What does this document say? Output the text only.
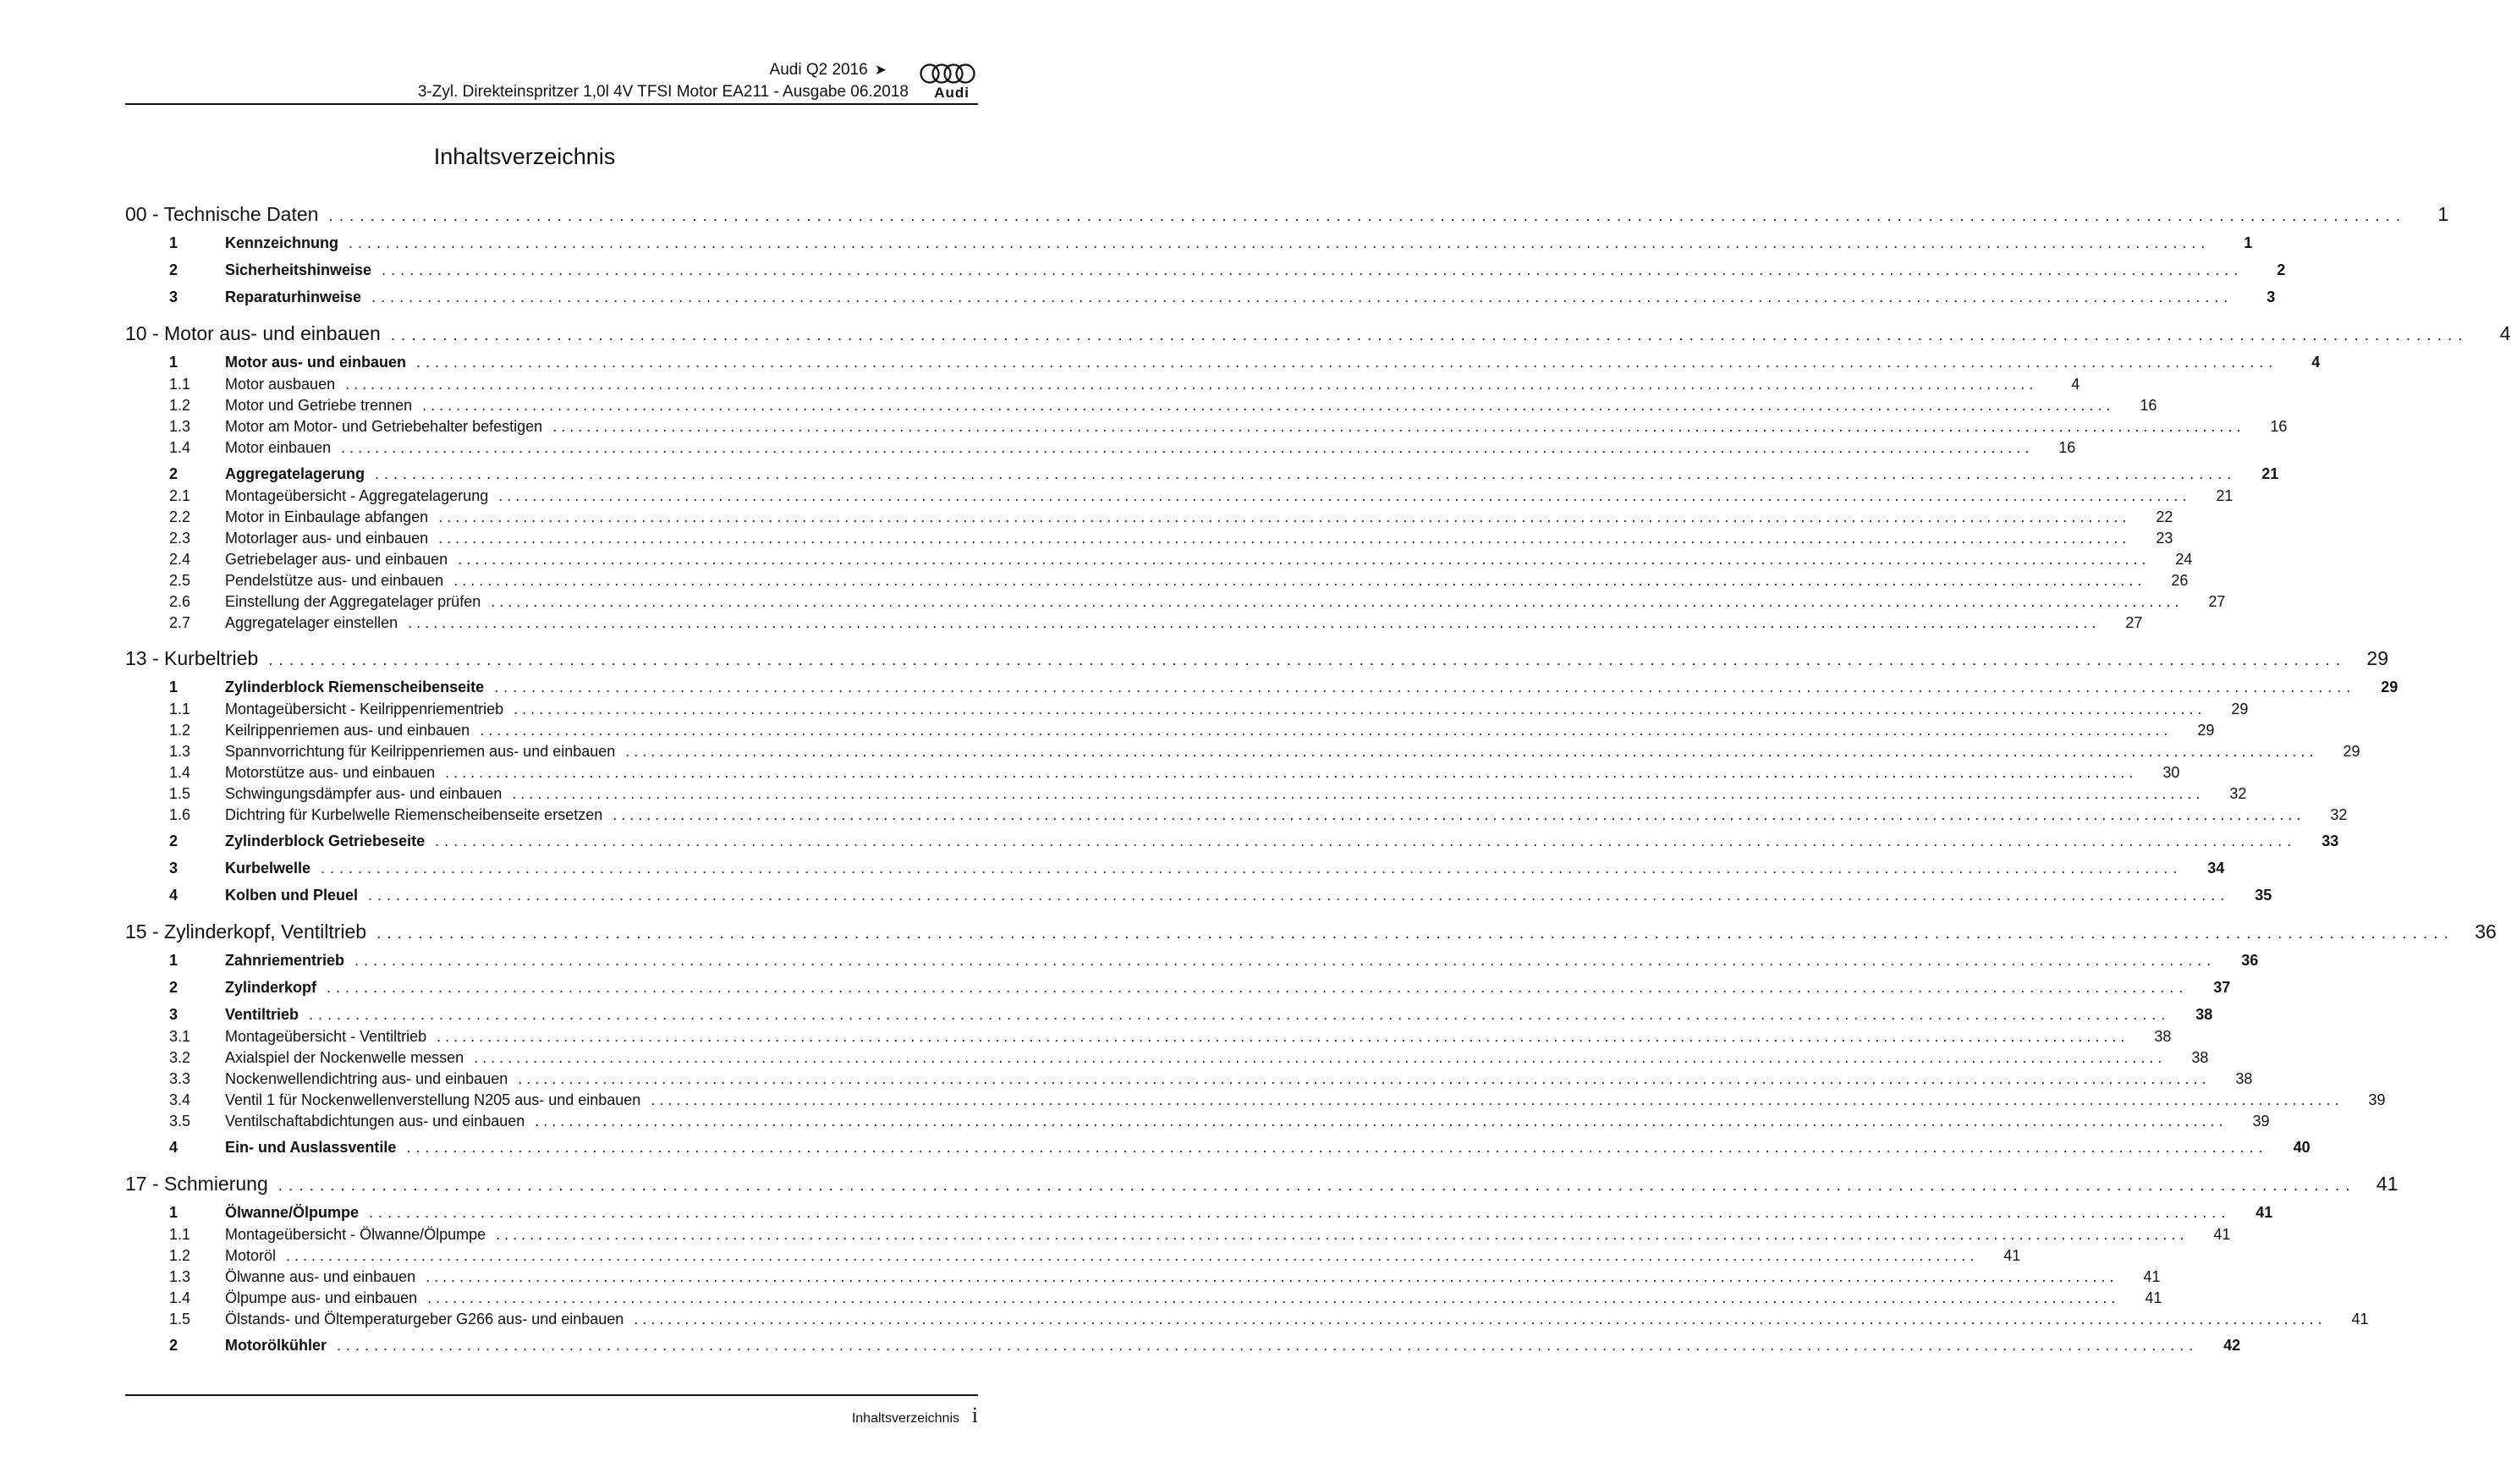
Audi Q2 2016 ➤
3-Zyl. Direkteinspritzer 1,0l 4V TFSI Motor EA211 - Ausgabe 06.2018 Audi
Inhaltsverzeichnis
00 - Technische Daten ........................................................................................................................................................................................................	1
1	Kennzeichnung ........................................................................................................................................................................................................	1
2	Sicherheitshinweise ........................................................................................................................................................................................................	2
3	Reparaturhinweise ........................................................................................................................................................................................................	3
10 - Motor aus- und einbauen ........................................................................................................................................................................................................	4
1	Motor aus- und einbauen ........................................................................................................................................................................................................	4
1.1	Motor ausbauen ........................................................................................................................................................................................................	4
1.2	Motor und Getriebe trennen ........................................................................................................................................................................................................	16
1.3	Motor am Motor- und Getriebehalter befestigen ........................................................................................................................................................................................................	16
1.4	Motor einbauen ........................................................................................................................................................................................................	16
2	Aggregatelagerung ........................................................................................................................................................................................................	21
2.1	Montageübersicht - Aggregatelagerung ........................................................................................................................................................................................................	21
2.2	Motor in Einbaulage abfangen ........................................................................................................................................................................................................	22
2.3	Motorlager aus- und einbauen ........................................................................................................................................................................................................	23
2.4	Getriebelager aus- und einbauen ........................................................................................................................................................................................................	24
2.5	Pendelstütze aus- und einbauen ........................................................................................................................................................................................................	26
2.6	Einstellung der Aggregatelager prüfen ........................................................................................................................................................................................................	27
2.7	Aggregatelager einstellen ........................................................................................................................................................................................................	27
13 - Kurbeltrieb ........................................................................................................................................................................................................	29
1	Zylinderblock Riemenscheibenseite ........................................................................................................................................................................................................	29
1.1	Montageübersicht - Keilrippenriementrieb ........................................................................................................................................................................................................	29
1.2	Keilrippenriemen aus- und einbauen ........................................................................................................................................................................................................	29
1.3	Spannvorrichtung für Keilrippenriemen aus- und einbauen ........................................................................................................................................................................................................	29
1.4	Motorstütze aus- und einbauen ........................................................................................................................................................................................................	30
1.5	Schwingungsdämpfer aus- und einbauen ........................................................................................................................................................................................................	32
1.6	Dichtring für Kurbelwelle Riemenscheibenseite ersetzen ........................................................................................................................................................................................................	32
2	Zylinderblock Getriebeseite ........................................................................................................................................................................................................	33
3	Kurbelwelle ........................................................................................................................................................................................................	34
4	Kolben und Pleuel ........................................................................................................................................................................................................	35
15 - Zylinderkopf, Ventiltrieb ........................................................................................................................................................................................................	36
1	Zahnriementrieb ........................................................................................................................................................................................................	36
2	Zylinderkopf ........................................................................................................................................................................................................	37
3	Ventiltrieb ........................................................................................................................................................................................................	38
3.1	Montageübersicht - Ventiltrieb ........................................................................................................................................................................................................	38
3.2	Axialspiel der Nockenwelle messen ........................................................................................................................................................................................................	38
3.3	Nockenwellendichtring aus- und einbauen ........................................................................................................................................................................................................	38
3.4	Ventil 1 für Nockenwellenverstellung N205 aus- und einbauen ........................................................................................................................................................................................................	39
3.5	Ventilschaftabdichtungen aus- und einbauen ........................................................................................................................................................................................................	39
4	Ein- und Auslassventile ........................................................................................................................................................................................................	40
17 - Schmierung ........................................................................................................................................................................................................	41
1	Ölwanne/Ölpumpe ........................................................................................................................................................................................................	41
1.1	Montageübersicht - Ölwanne/Ölpumpe ........................................................................................................................................................................................................	41
1.2	Motoröl ........................................................................................................................................................................................................	41
1.3	Ölwanne aus- und einbauen ........................................................................................................................................................................................................	41
1.4	Ölpumpe aus- und einbauen ........................................................................................................................................................................................................	41
1.5	Ölstands- und Öltemperaturgeber G266 aus- und einbauen ........................................................................................................................................................................................................	41
2	Motorölkühler ........................................................................................................................................................................................................	42
Inhaltsverzeichnis i
